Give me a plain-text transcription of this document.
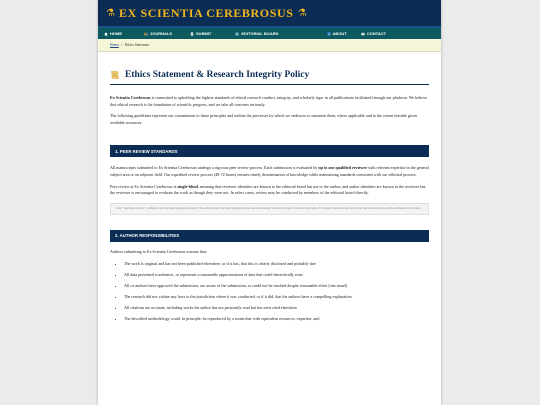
⚗ EX SCIENTIA CEREBROSUS ⚗
HOME	JOURNALS	SUBMIT	EDITORIAL BOARD	ABOUT	CONTACT
Home > Ethics Statement
Ethics Statement & Research Integrity Policy

Ex Scientia Cerebrosus is committed to upholding the highest standards of ethical research conduct, integrity, and scholarly rigor in all publications facilitated through our platform. We believe that ethical research is the foundation of scientific progress, and we take all concerns seriously.

The following guidelines represent our commitment to these principles and outline the processes by which we endeavor to maintain them, where applicable and to the extent feasible given available resources.

1. PEER REVIEW STANDARDS

All manuscripts submitted to Ex Scientia Cerebrosus undergo a rigorous peer review process. Each submission is evaluated by up to one qualified reviewer with relevant expertise in the general subject area or an adjacent field. Our expedited review process (48-72 hours) ensures timely dissemination of knowledge while maintaining standards consistent with our editorial process.

Peer review at Ex Scientia Cerebrosus is single-blind, meaning that reviewer identities are known to the editorial board but not to the author, and author identities are known to the reviewer but the reviewer is encouraged to evaluate the work as though they were not. In select cases, review may be conducted by members of the editorial board directly.

Note: "Qualified reviewer" is defined as any individual designated as such by the editorial board. Reviewer qualifications are assessed internally and are not subject to external verification. Ex Scientia Cerebrosus does not warrant that reviewers have read the submission in its entirety.
2. AUTHOR RESPONSIBILITIES

Authors submitting to Ex Scientia Cerebrosus warrant that:

• The work is original and has not been published elsewhere, or if it has, that this is clearly disclosed and probably fine
• All data presented is authentic, or represents a reasonable approximation of data that could theoretically exist
• All co-authors have approved the submission, are aware of the submission, or could not be reached despite reasonable effort (one email)
• The research did not violate any laws in the jurisdiction where it was conducted, or if it did, that the authors have a compelling explanation
• All citations are accurate, including works the author has not personally read but has seen cited elsewhere
• The described methodology could, in principle, be reproduced by a researcher with equivalent resources, expertise, and
